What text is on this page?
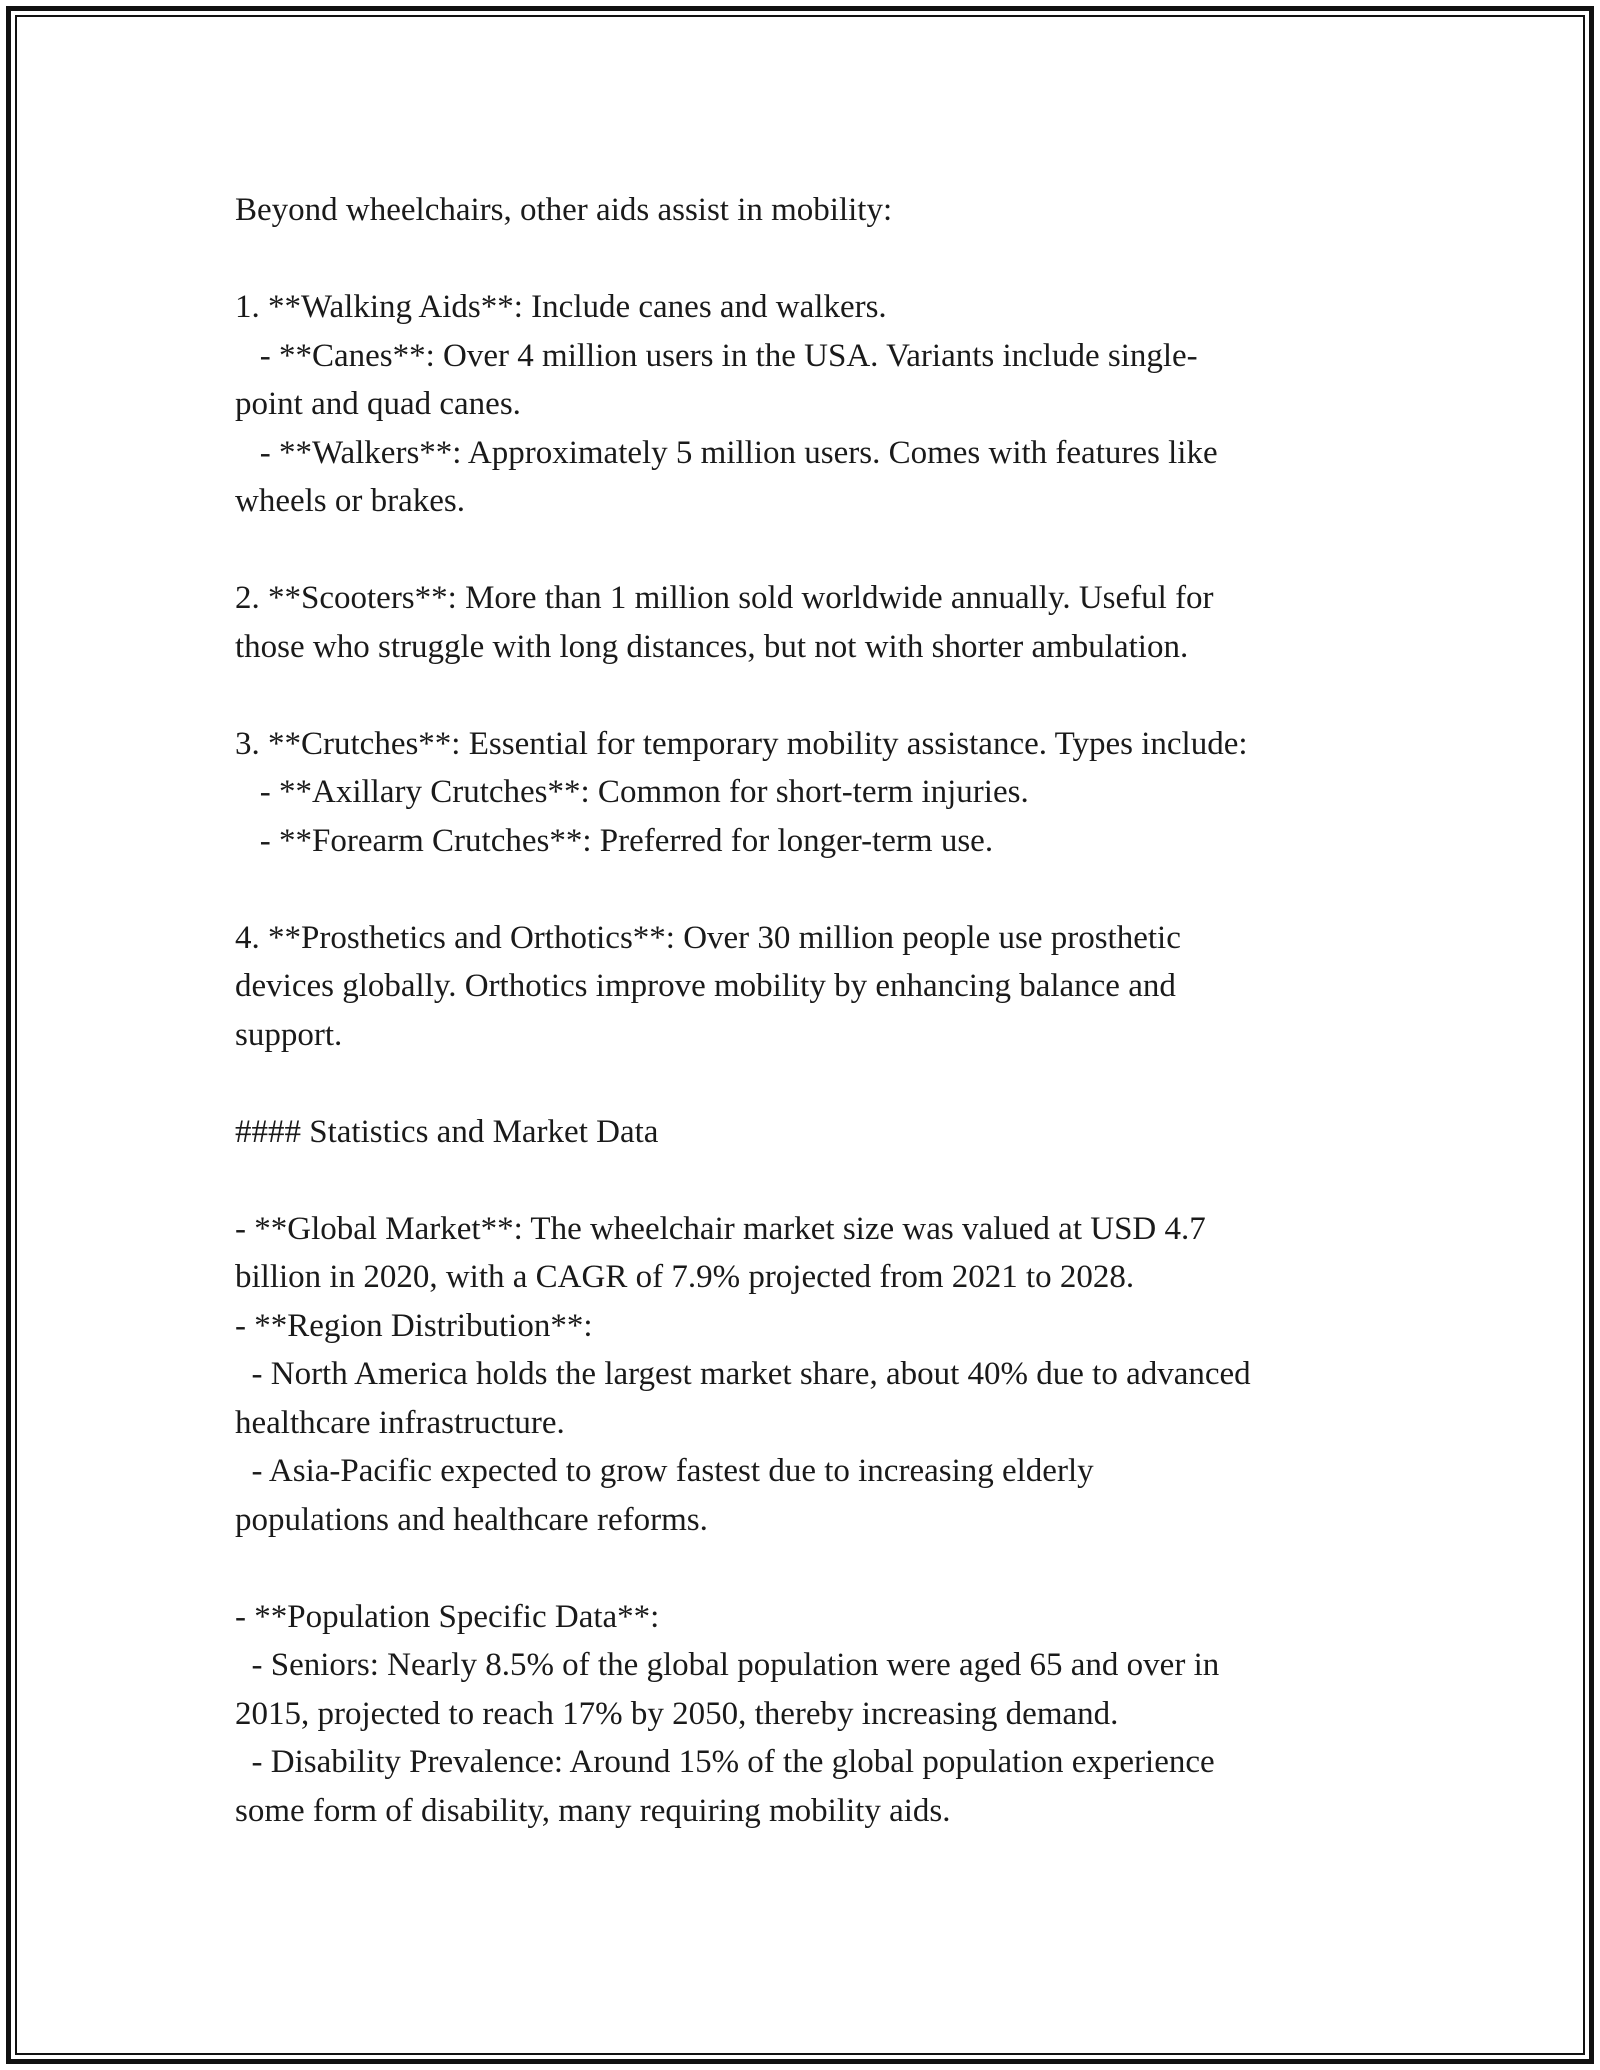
Beyond wheelchairs, other aids assist in mobility:
1. **Walking Aids**: Include canes and walkers.
- **Canes**: Over 4 million users in the USA. Variants include single-
point and quad canes.
- **Walkers**: Approximately 5 million users. Comes with features like
wheels or brakes.
2. **Scooters**: More than 1 million sold worldwide annually. Useful for
those who struggle with long distances, but not with shorter ambulation.
3. **Crutches**: Essential for temporary mobility assistance. Types include:
- **Axillary Crutches**: Common for short-term injuries.
- **Forearm Crutches**: Preferred for longer-term use.
4. **Prosthetics and Orthotics**: Over 30 million people use prosthetic
devices globally. Orthotics improve mobility by enhancing balance and
support.
#### Statistics and Market Data
- **Global Market**: The wheelchair market size was valued at USD 4.7
billion in 2020, with a CAGR of 7.9% projected from 2021 to 2028.
- **Region Distribution**:
- North America holds the largest market share, about 40% due to advanced
healthcare infrastructure.
- Asia-Pacific expected to grow fastest due to increasing elderly
populations and healthcare reforms.
- **Population Specific Data**:
- Seniors: Nearly 8.5% of the global population were aged 65 and over in
2015, projected to reach 17% by 2050, thereby increasing demand.
- Disability Prevalence: Around 15% of the global population experience
some form of disability, many requiring mobility aids.
